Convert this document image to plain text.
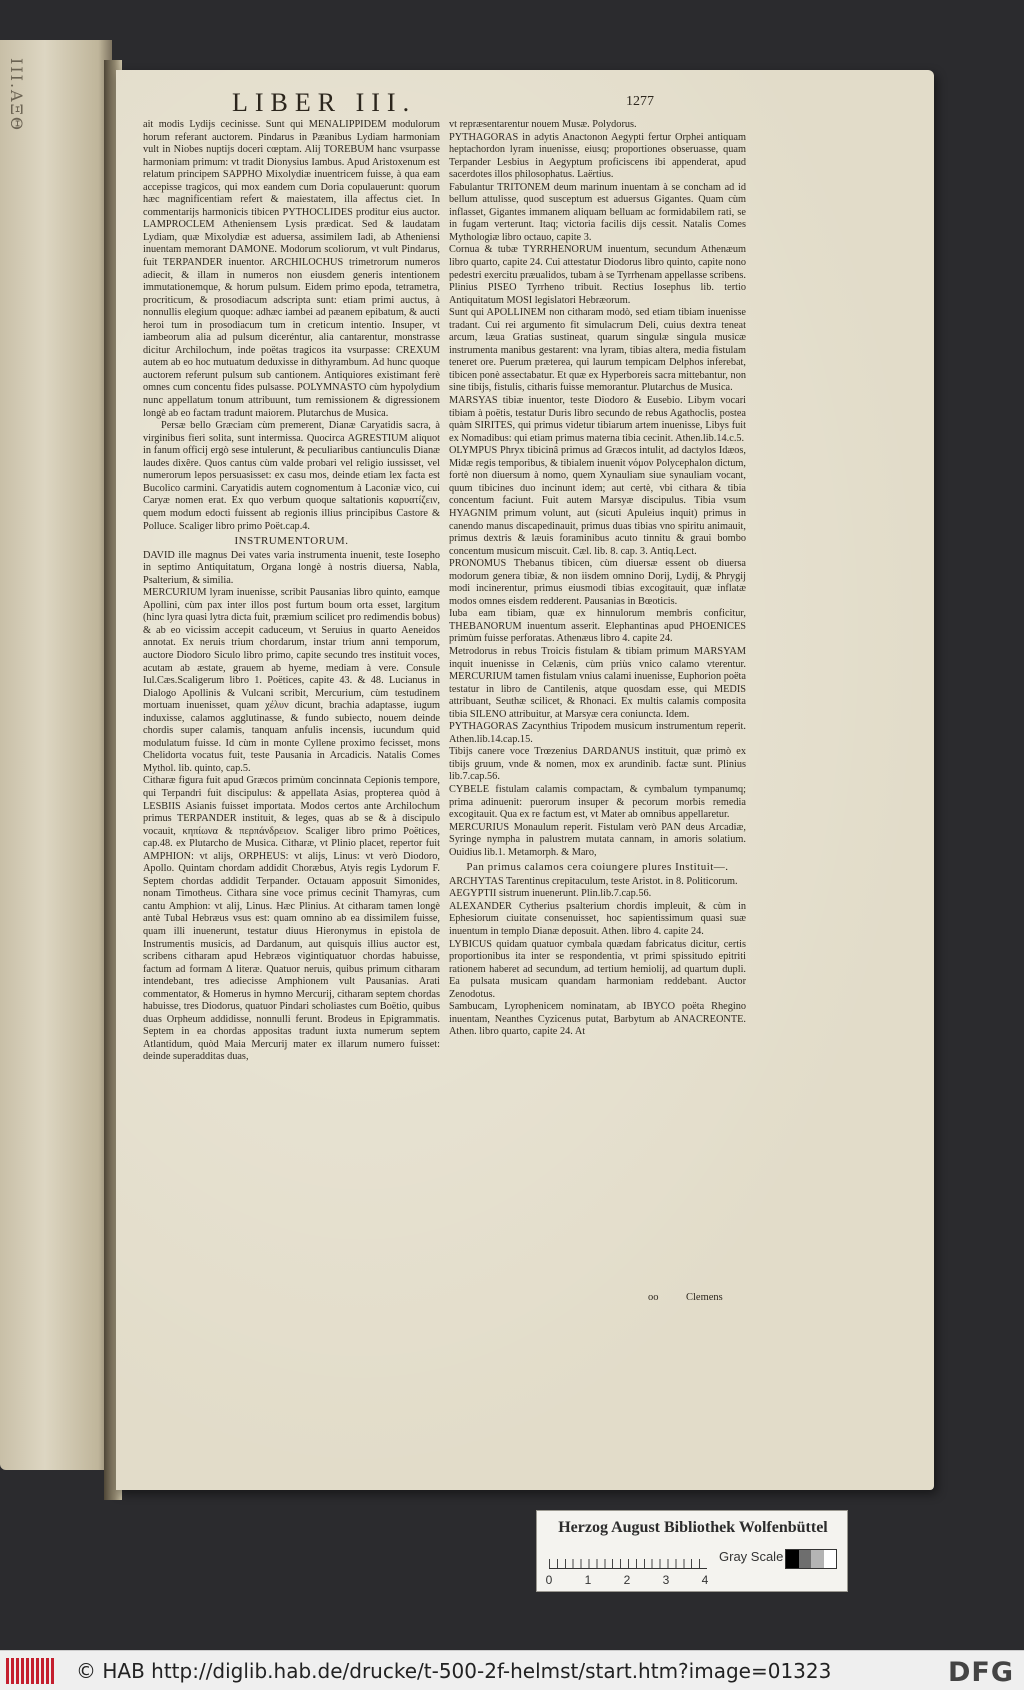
ΙΙΙ.ΑΞΘ	LIBER III.	1277

ait modis Lydijs cecinisse. Sunt qui MENALIPPIDEM modulorum horum referant auctorem. Pindarus in Pæanibus Lydiam harmoniam vult in Niobes nuptijs doceri cœptam. Alij TOREBUM hanc vsurpasse harmoniam primum: vt tradit Dionysius Iambus. Apud Aristoxenum est relatum principem SAPPHO Mixolydiæ inuentricem fuisse, à qua eam accepisse tragicos, qui mox eandem cum Doria copulauerunt: quorum hæc magnificentiam refert & maiestatem, illa affectus ciet. In commentarijs harmonicis tibicen PYTHOCLIDES proditur eius auctor. LAMPROCLEM Atheniensem Lysis prædicat. Sed & laudatam Lydiam, quæ Mixolydiæ est aduersa, assimilem Iadi, ab Atheniensi inuentam memorant DAMONE. Modorum scoliorum, vt vult Pindarus, fuit TERPANDER inuentor. ARCHILOCHUS trimetrorum numeros adiecit, & illam in numeros non eiusdem generis intentionem immutationemque, & horum pulsum. Eidem primo epoda, tetrametra, procriticum, & prosodiacum adscripta sunt: etiam primi auctus, à nonnullis elegium quoque: adhæc iambei ad pæanem epibatum, & aucti heroi tum in prosodiacum tum in creticum intentio. Insuper, vt iambeorum alia ad pulsum diceréntur, alia cantarentur, monstrasse dicitur Archilochum, inde poëtas tragicos ita vsurpasse: CREXUM autem ab eo hoc mutuatum deduxisse in dithyrambum. Ad hunc quoque auctorem referunt pulsum sub cantionem. Antiquiores existimant ferè omnes cum concentu fides pulsasse. POLYMNASTO cùm hypolydium nunc appellatum tonum attribuunt, tum remissionem & digressionem longè ab eo factam tradunt maiorem. Plutarchus de Musica.

Persæ bello Græciam cùm premerent, Dianæ Caryatidis sacra, à virginibus fieri solita, sunt intermissa. Quocirca AGRESTIUM aliquot in fanum officij ergò sese intulerunt, & peculiaribus cantiunculis Dianæ laudes dixêre. Quos cantus cùm valde probari vel religio iussisset, vel numerorum lepos persuasisset: ex casu mos, deinde etiam lex facta est Bucolico carmini. Caryatidis autem cognomentum à Laconiæ vico, cui Caryæ nomen erat. Ex quo verbum quoque saltationis καρυατίζειν, quem modum edocti fuissent ab regionis illius principibus Castore & Polluce. Scaliger libro primo Poët.cap.4.

INSTRUMENTORUM.

DAVID ille magnus Dei vates varia instrumenta inuenit, teste Iosepho in septimo Antiquitatum, Organa longè à nostris diuersa, Nabla, Psalterium, & similia.

MERCURIUM lyram inuenisse, scribit Pausanias libro quinto, eamque Apollini, cùm pax inter illos post furtum boum orta esset, largitum (hinc lyra quasi lytra dicta fuit, præmium scilicet pro redimendis bobus) & ab eo vicissim accepit caduceum, vt Seruius in quarto Aeneidos annotat. Ex neruis trium chordarum, instar trium anni temporum, auctore Diodoro Siculo libro primo, capite secundo tres instituit voces, acutam ab æstate, grauem ab hyeme, mediam à vere. Consule Iul.Cæs.Scaligerum libro 1. Poëtices, capite 43. & 48. Lucianus in Dialogo Apollinis & Vulcani scribit, Mercurium, cùm testudinem mortuam inuenisset, quam χέλυν dicunt, brachia adaptasse, iugum induxisse, calamos agglutinasse, & fundo subiecto, nouem deinde chordis super calamis, tanquam anfulis incensis, iucundum quid modulatum fuisse. Id cùm in monte Cyllene proximo fecisset, mons Chelidorta vocatus fuit, teste Pausania in Arcadicis. Natalis Comes Mythol. lib. quinto, cap.5.

Citharæ figura fuit apud Græcos primùm concinnata Cepionis tempore, qui Terpandri fuit discipulus: & appellata Asias, propterea quòd à LESBIIS Asianis fuisset importata. Modos certos ante Archilochum primus TERPANDER instituit, & leges, quas ab se & à discipulo vocauit, κηπίωνα & περπάνδρειον. Scaliger libro primo Poëtices, cap.48. ex Plutarcho de Musica. Citharæ, vt Plinio placet, repertor fuit AMPHION: vt alijs, ORPHEUS: vt alijs, Linus: vt verò Diodoro, Apollo. Quintam chordam addidit Choræbus, Atyis regis Lydorum F. Septem chordas addidit Terpander. Octauam apposuit Simonides, nonam Timotheus. Cithara sine voce primus cecinit Thamyras, cum cantu Amphion: vt alij, Linus. Hæc Plinius. At citharam tamen longè antè Tubal Hebræus vsus est: quam omnino ab ea dissimilem fuisse, quam illi inuenerunt, testatur diuus Hieronymus in epistola de Instrumentis musicis, ad Dardanum, aut quisquis illius auctor est, scribens citharam apud Hebræos vigintiquatuor chordas habuisse, factum ad formam Δ literæ. Quatuor neruis, quibus primum citharam intendebant, tres adiecisse Amphionem vult Pausanias. Arati commentator, & Homerus in hymno Mercurij, citharam septem chordas habuisse, tres Diodorus, quatuor Pindari scholiastes cum Boëtio, quibus duas Orpheum addidisse, nonnulli ferunt. Brodeus in Epigrammatis. Septem in ea chordas appositas tradunt iuxta numerum septem Atlantidum, quòd Maia Mercurij mater ex illarum numero fuisset: deinde superadditas duas,

vt repræsentarentur nouem Musæ. Polydorus.

PYTHAGORAS in adytis Anactonon Aegypti fertur Orphei antiquam heptachordon lyram inuenisse, eiusq; proportiones obseruasse, quam Terpander Lesbius in Aegyptum proficiscens ibi appenderat, apud sacerdotes illos philosophatus. Laërtius.

Fabulantur TRITONEM deum marinum inuentam à se concham ad id bellum attulisse, quod susceptum est aduersus Gigantes. Quam cùm inflasset, Gigantes immanem aliquam belluam ac formidabilem rati, se in fugam verterunt. Itaq; victoria facilis dijs cessit. Natalis Comes Mythologiæ libro octauo, capite 3.

Cornua & tubæ TYRRHENORUM inuentum, secundum Athenæum libro quarto, capite 24. Cui attestatur Diodorus libro quinto, capite nono pedestri exercitu præualidos, tubam à se Tyrrhenam appellasse scribens. Plinius PISEO Tyrrheno tribuit. Rectius Iosephus lib. tertio Antiquitatum MOSI legislatori Hebræorum.

Sunt qui APOLLINEM non citharam modò, sed etiam tibiam inuenisse tradant. Cui rei argumento fit simulacrum Deli, cuius dextra teneat arcum, læua Gratias sustineat, quarum singulæ singula musicæ instrumenta manibus gestarent: vna lyram, tibias altera, media fistulam teneret ore. Puerum præterea, qui laurum tempicam Delphos inferebat, tibicen ponè assectabatur. Et quæ ex Hyperboreis sacra mittebantur, non sine tibijs, fistulis, citharis fuisse memorantur. Plutarchus de Musica.

MARSYAS tibiæ inuentor, teste Diodoro & Eusebio. Libym vocari tibiam à poëtis, testatur Duris libro secundo de rebus Agathoclis, postea quàm SIRITES, qui primus videtur tibiarum artem inuenisse, Libys fuit ex Nomadibus: qui etiam primus materna tibia cecinit. Athen.lib.14.c.5.

OLYMPUS Phryx tibicinâ primus ad Græcos intulit, ad dactylos Idæos, Midæ regis temporibus, & tibialem inuenit νόμον Polycephalon dictum, fortè non diuersum à nomo, quem Xynauliam siue synauliam vocant, quum tibicines duo incinunt idem; aut certè, vbi cithara & tibia concentum faciunt. Fuit autem Marsyæ discipulus. Tibia vsum HYAGNIM primum volunt, aut (sicuti Apuleius inquit) primus in canendo manus discapedinauit, primus duas tibias vno spiritu animauit, primus dextris & læuis foraminibus acuto tinnitu & graui bombo concentum musicum miscuit. Cæl. lib. 8. cap. 3. Antiq.Lect.

PRONOMUS Thebanus tibicen, cùm diuersæ essent ob diuersa modorum genera tibiæ, & non iisdem omnino Dorij, Lydij, & Phrygij modi incinerentur, primus eiusmodi tibias excogitauit, quæ inflatæ modos omnes eisdem redderent. Pausanias in Bœoticis.

Iuba eam tibiam, quæ ex hinnulorum membris conficitur, THEBANORUM inuentum asserit. Elephantinas apud PHOENICES primùm fuisse perforatas. Athenæus libro 4. capite 24.

Metrodorus in rebus Troicis fistulam & tibiam primum MARSYAM inquit inuenisse in Celænis, cùm priùs vnico calamo vterentur. MERCURIUM tamen fistulam vnius calami inuenisse, Euphorion poëta testatur in libro de Cantilenis, atque quosdam esse, qui MEDIS attribuant, Seuthæ scilicet, & Rhonaci. Ex multis calamis composita tibia SILENO attribuitur, at Marsyæ cera coniuncta. Idem.

PYTHAGORAS Zacynthius Tripodem musicum instrumentum reperit. Athen.lib.14.cap.15.

Tibijs canere voce Trœzenius DARDANUS instituit, quæ primò ex tibijs gruum, vnde & nomen, mox ex arundinib. factæ sunt. Plinius lib.7.cap.56.

CYBELE fistulam calamis compactam, & cymbalum tympanumq; prima adinuenit: puerorum insuper & pecorum morbis remedia excogitauit. Qua ex re factum est, vt Mater ab omnibus appellaretur.

MERCURIUS Monaulum reperit. Fistulam verò PAN deus Arcadiæ, Syringe nympha in palustrem mutata cannam, in amoris solatium. Ouidius lib.1. Metamorph. & Maro,

Pan primus calamos cera coiungere plures Instituit—.

ARCHYTAS Tarentinus crepitaculum, teste Aristot. in 8. Politicorum.

AEGYPTII sistrum inuenerunt. Plin.lib.7.cap.56.

ALEXANDER Cytherius psalterium chordis impleuit, & cùm in Ephesiorum ciuitate consenuisset, hoc sapientissimum quasi suæ inuentum in templo Dianæ deposuit. Athen. libro 4. capite 24.

LYBICUS quidam quatuor cymbala quædam fabricatus dicitur, certis proportionibus ita inter se respondentia, vt primi spissitudo epitriti rationem haberet ad secundum, ad tertium hemiolij, ad quartum dupli. Ea pulsata musicam quandam harmoniam reddebant. Auctor Zenodotus.

Sambucam, Lyrophenicem nominatam, ab IBYCO poëta Rhegino inuentam, Neanthes Cyzicenus putat, Barbytum ab ANACREONTE. Athen. libro quarto, capite 24. At

oo	Clemens
Herzog August Bibliothek Wolfenbüttel
0	1	2	3	4
Gray Scale
© HAB http://diglib.hab.de/drucke/t-500-2f-helmst/start.htm?image=01323	DFG
